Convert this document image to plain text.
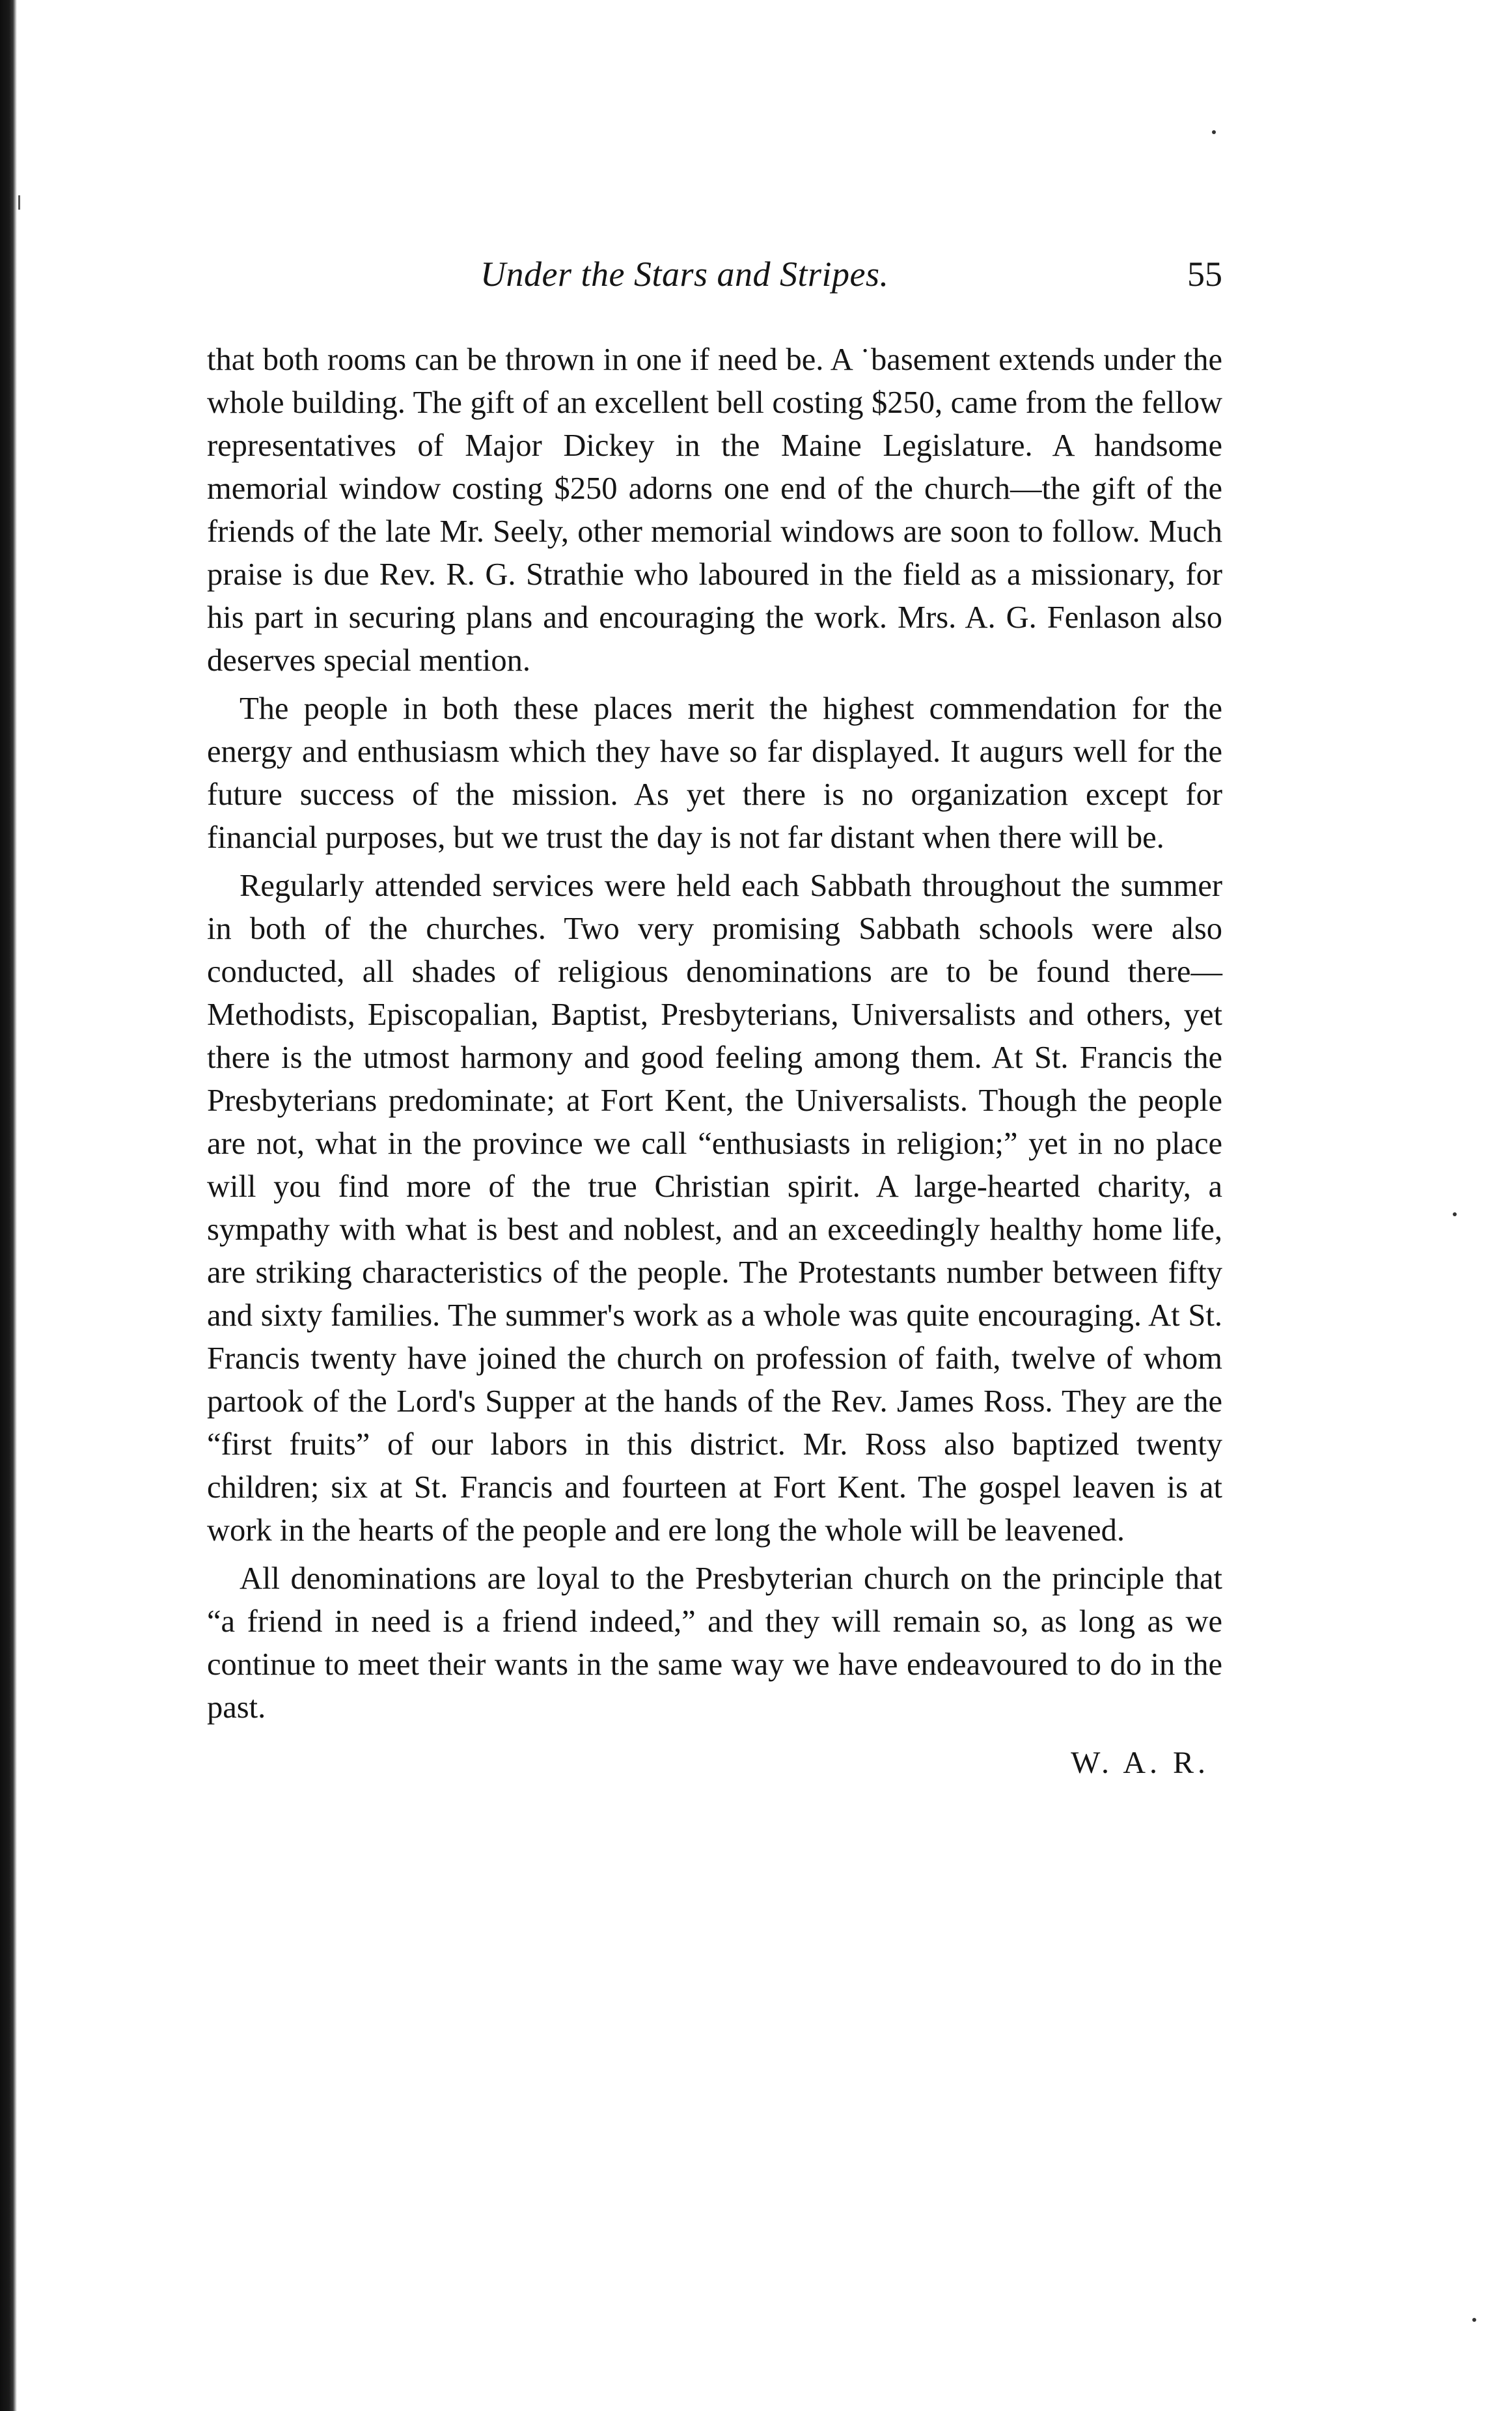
Under the Stars and Stripes.	55

that both rooms can be thrown in one if need be. A ˙basement extends under the whole building. The gift of an excellent bell costing $250, came from the fellow representatives of Major Dickey in the Maine Legislature. A handsome memorial window costing $250 adorns one end of the church—the gift of the friends of the late Mr. Seely, other memorial windows are soon to follow. Much praise is due Rev. R. G. Strathie who laboured in the field as a missionary, for his part in securing plans and encouraging the work. Mrs. A. G. Fenlason also deserves special mention.

The people in both these places merit the highest commendation for the energy and enthusiasm which they have so far displayed. It augurs well for the future success of the mission. As yet there is no organization except for financial purposes, but we trust the day is not far distant when there will be.

Regularly attended services were held each Sabbath throughout the summer in both of the churches. Two very promising Sabbath schools were also conducted, all shades of religious denominations are to be found there—Methodists, Episcopalian, Baptist, Presbyterians, Universalists and others, yet there is the utmost harmony and good feeling among them. At St. Francis the Presbyterians predominate; at Fort Kent, the Universalists. Though the people are not, what in the province we call “enthusiasts in religion;” yet in no place will you find more of the true Christian spirit. A large-hearted charity, a sympathy with what is best and noblest, and an exceedingly healthy home life, are striking characteristics of the people. The Protestants number between fifty and sixty families. The summer's work as a whole was quite encouraging. At St. Francis twenty have joined the church on profession of faith, twelve of whom partook of the Lord's Supper at the hands of the Rev. James Ross. They are the “first fruits” of our labors in this district. Mr. Ross also baptized twenty children; six at St. Francis and fourteen at Fort Kent. The gospel leaven is at work in the hearts of the people and ere long the whole will be leavened.

All denominations are loyal to the Presbyterian church on the principle that “a friend in need is a friend indeed,” and they will remain so, as long as we continue to meet their wants in the same way we have endeavoured to do in the past.

W. A. R.
